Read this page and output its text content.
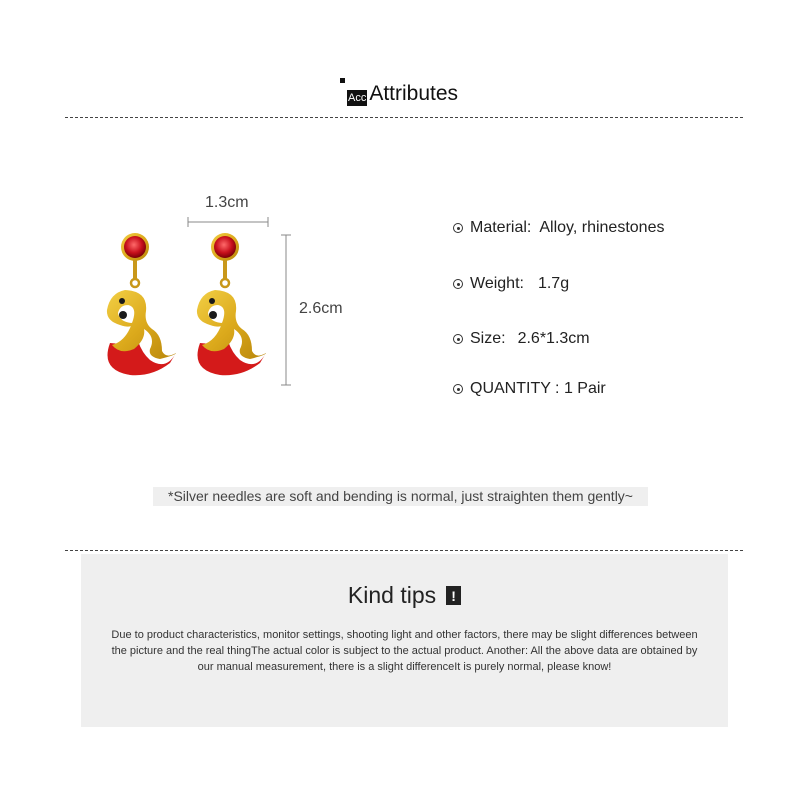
Acc Attributes
1.3cm
2.6cm
Material: Alloy, rhinestones
Weight: 1.7g
Size: 2.6*1.3cm
QUANTITY : 1 Pair
*Silver needles are soft and bending is normal, just straighten them gently~
Kind tips	!
Due to product characteristics, monitor settings, shooting light and other factors, there may be slight differences between the picture and the real thingThe actual color is subject to the actual product. Another: All the above data are obtained by our manual measurement, there is a slight differenceIt is purely normal, please know!
